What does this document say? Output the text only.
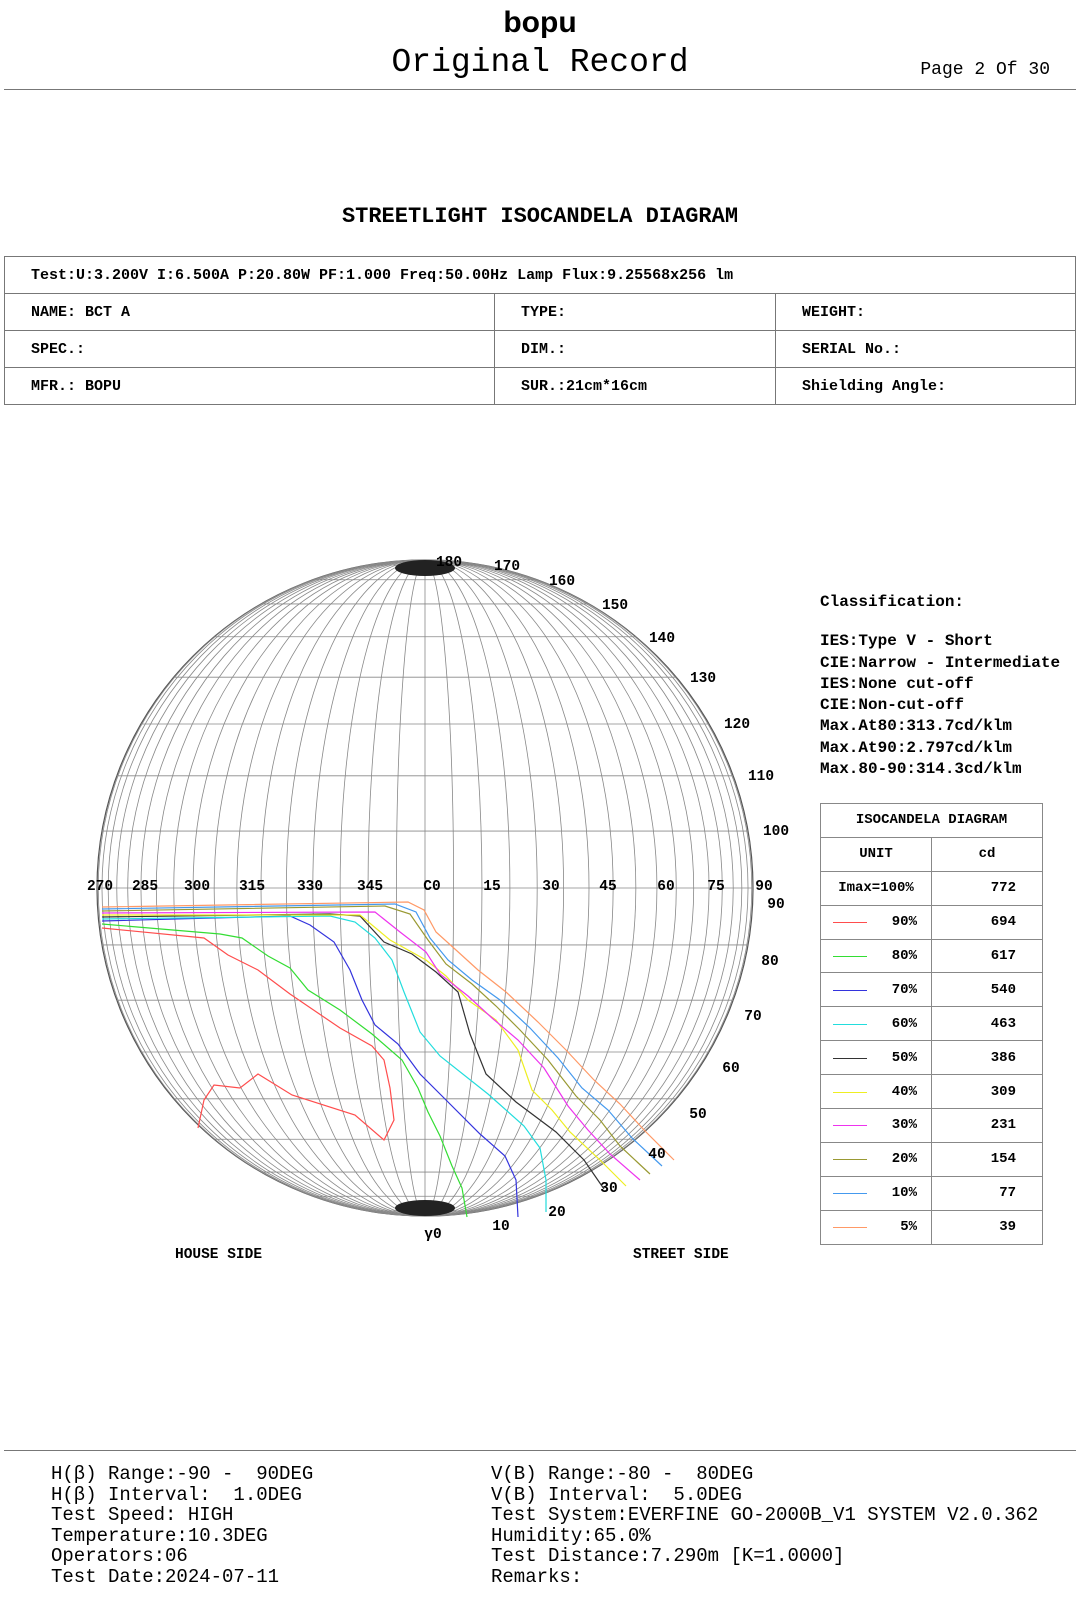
bopu
Original Record	Page 2 Of 30
STREETLIGHT ISOCANDELA DIAGRAM
Test:U:3.200V I:6.500A P:20.80W PF:1.000 Freq:50.00Hz Lamp Flux:9.25568x256 lm		
NAME: BCT A	TYPE:	WEIGHT:
SPEC.:	DIM.:	SERIAL No.:
MFR.: BOPU	SUR.:21cm*16cm	Shielding Angle:
270 285 300 315 330 345	C0	15	30	45	60 75 90
180 170
160
150
140
130
120
110
100
90
80
70
60
50
40
30
20
10
γ0
HOUSE SIDE	STREET SIDE
Classification:
IES:Type V - Short
CIE:Narrow - Intermediate
IES:None cut-off
CIE:Non-cut-off
Max.At80:313.7cd/klm
Max.At90:2.797cd/klm
Max.80-90:314.3cd/klm
ISOCANDELA DIAGRAM	
UNIT	cd
Imax=100%	772

90%	694

80%	617

70%	540

60%	463

50%	386

40%	309

30%	231

20%	154

10%	77

5%	39
H(β) Range:-90 -  90DEG
H(β) Interval:  1.0DEG
Test Speed: HIGH
Temperature:10.3DEG
Operators:06
Test Date:2024-07-11
V(B) Range:-80 -  80DEG
V(B) Interval:  5.0DEG
Test System:EVERFINE GO-2000B_V1 SYSTEM V2.0.362
Humidity:65.0%
Test Distance:7.290m [K=1.0000]
Remarks:
